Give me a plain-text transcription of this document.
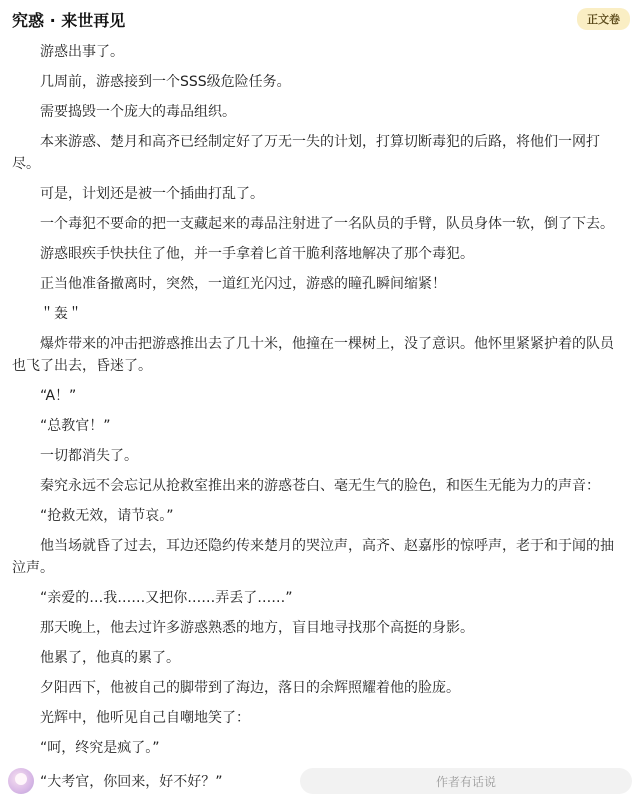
究惑 · 来世再见	正文卷

游惑出事了。

几周前，游惑接到一个SSS级危险任务。

需要捣毁一个庞大的毒品组织。

本来游惑、楚月和高齐已经制定好了万无一失的计划，打算切断毒犯的后路，将他们一网打尽。

可是，计划还是被一个插曲打乱了。

一个毒犯不要命的把一支藏起来的毒品注射进了一名队员的手臂，队员身体一软，倒了下去。

游惑眼疾手快扶住了他，并一手拿着匕首干脆利落地解决了那个毒犯。

正当他准备撤离时，突然，一道红光闪过，游惑的瞳孔瞬间缩紧！

＂轰＂

爆炸带来的冲击把游惑推出去了几十米，他撞在一棵树上，没了意识。他怀里紧紧护着的队员也飞了出去，昏迷了。

“A！”

“总教官！”

一切都消失了。

秦究永远不会忘记从抢救室推出来的游惑苍白、毫无生气的脸色，和医生无能为力的声音：

“抢救无效，请节哀。”

他当场就昏了过去，耳边还隐约传来楚月的哭泣声，高齐、赵嘉彤的惊呼声，老于和于闻的抽泣声。

“亲爱的…我……又把你……弄丢了……”

那天晚上，他去过许多游惑熟悉的地方，盲目地寻找那个高挺的身影。

他累了，他真的累了。

夕阳西下，他被自己的脚带到了海边，落日的余辉照耀着他的脸庞。

光辉中，他听见自己自嘲地笑了：

“呵，终究是疯了。”

“大考官，你回来，好不好？”	作者有话说
